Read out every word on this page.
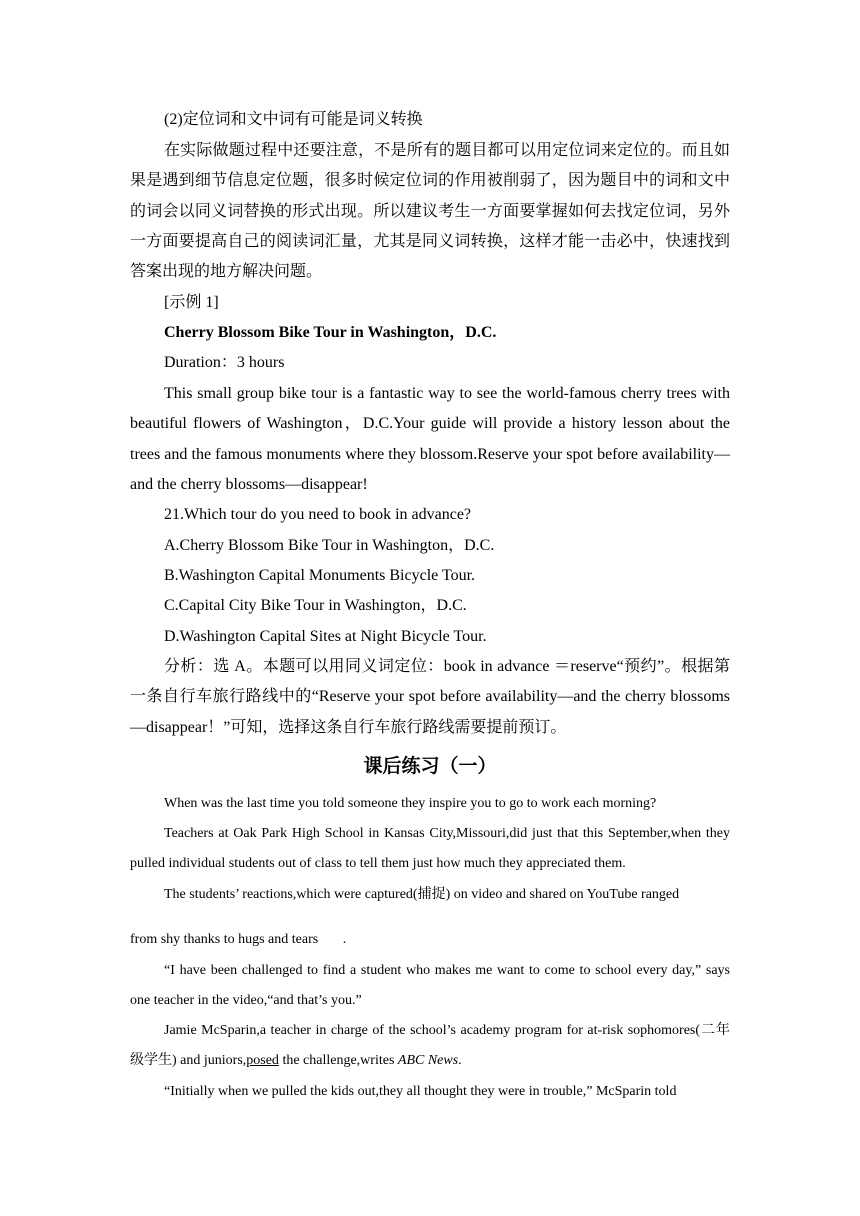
(2)定位词和文中词有可能是词义转换

在实际做题过程中还要注意，不是所有的题目都可以用定位词来定位的。而且如果是遇到细节信息定位题，很多时候定位词的作用被削弱了，因为题目中的词和文中的词会以同义词替换的形式出现。所以建议考生一方面要掌握如何去找定位词，另外一方面要提高自己的阅读词汇量，尤其是同义词转换，这样才能一击必中，快速找到答案出现的地方解决问题。

[示例 1]

Cherry Blossom Bike Tour in Washington，D.C.

Duration：3 hours

This small group bike tour is a fantastic way to see the world-famous cherry trees with beautiful flowers of Washington，D.C.Your guide will provide a history lesson about the trees and the famous monuments where they blossom.Reserve your spot before availability—and the cherry blossoms—disappear!

21.Which tour do you need to book in advance?

A.Cherry Blossom Bike Tour in Washington，D.C.

B.Washington Capital Monuments Bicycle Tour.

C.Capital City Bike Tour in Washington，D.C.

D.Washington Capital Sites at Night Bicycle Tour.

分析：选 A。本题可以用同义词定位：book in advance ＝reserve“预约”。根据第一条自行车旅行路线中的“Reserve your spot before availability—and the cherry blossoms—disappear！”可知，选择这条自行车旅行路线需要提前预订。

课后练习（一）

When was the last time you told someone they inspire you to go to work each morning?

Teachers at Oak Park High School in Kansas City,Missouri,did just that this September,when they pulled individual students out of class to tell them just how much they appreciated them.

The students’ reactions,which were captured(捕捉) on video and shared on YouTube ranged

from shy thanks to hugs and tears       .

“I have been challenged to find a student who makes me want to come to school every day,” says one teacher in the video,“and that’s you.”

Jamie McSparin,a teacher in charge of the school’s academy program for at-risk sophomores(二年级学生) and juniors,posed the challenge,writes ABC News.

“Initially when we pulled the kids out,they all thought they were in trouble,” McSparin told
